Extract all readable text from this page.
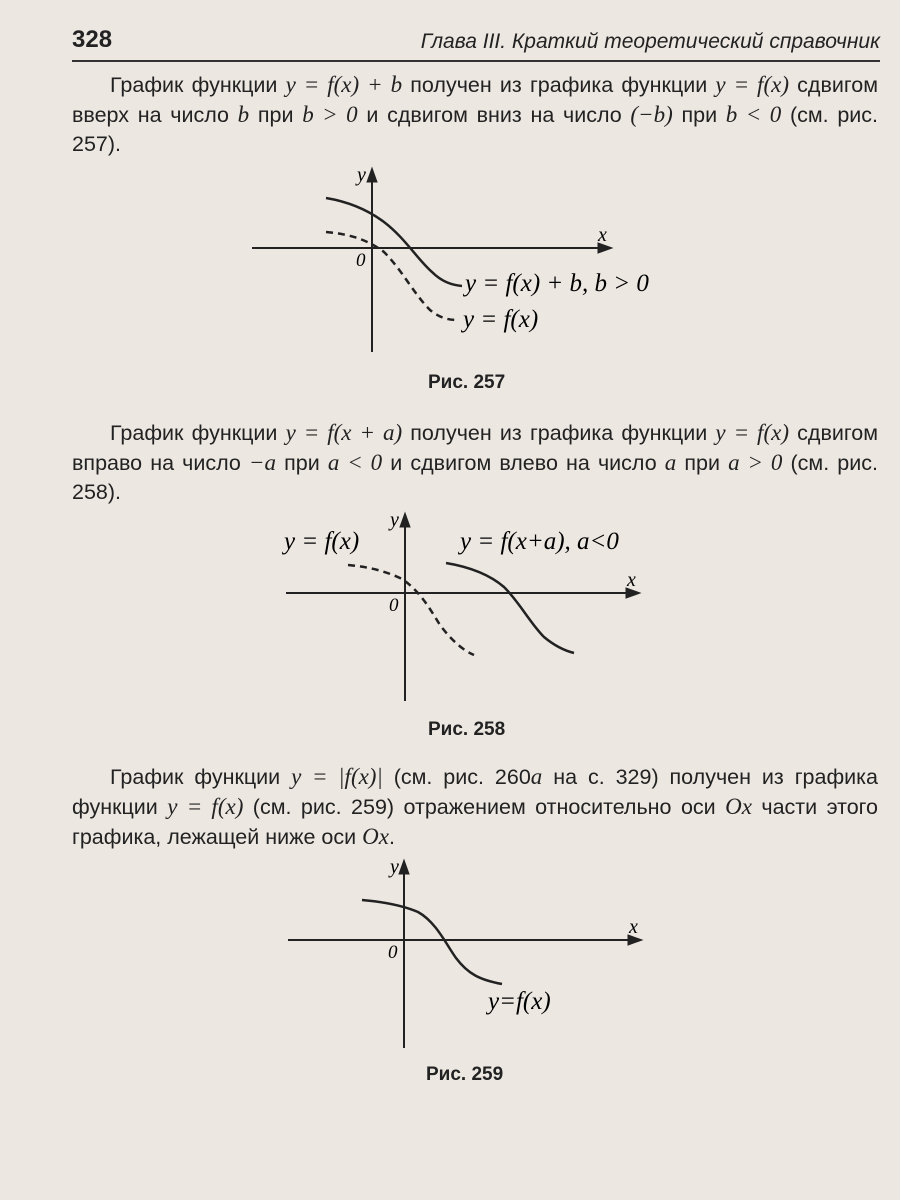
328	Глава III. Краткий теоретический справочник
График функции y = f(x) + b получен из графика функции y = f(x) сдвигом вверх на число b при b > 0 и сдвигом вниз на число (−b) при b < 0 (см. рис. 257).
y
x
0
y = f(x) + b, b > 0
y = f(x)
Рис. 257
График функции y = f(x + a) получен из графика функции y = f(x) сдвигом вправо на число −a при a < 0 и сдвигом влево на число a при a > 0 (см. рис. 258).
y
x
0
y = f(x)	y = f(x+a), a<0
Рис. 258
График функции y = |f(x)| (см. рис. 260а на с. 329) получен из графика функции y = f(x) (см. рис. 259) отражением относительно оси Ox части этого графика, лежащей ниже оси Ox.
y
x
0
y=f(x)
Рис. 259
